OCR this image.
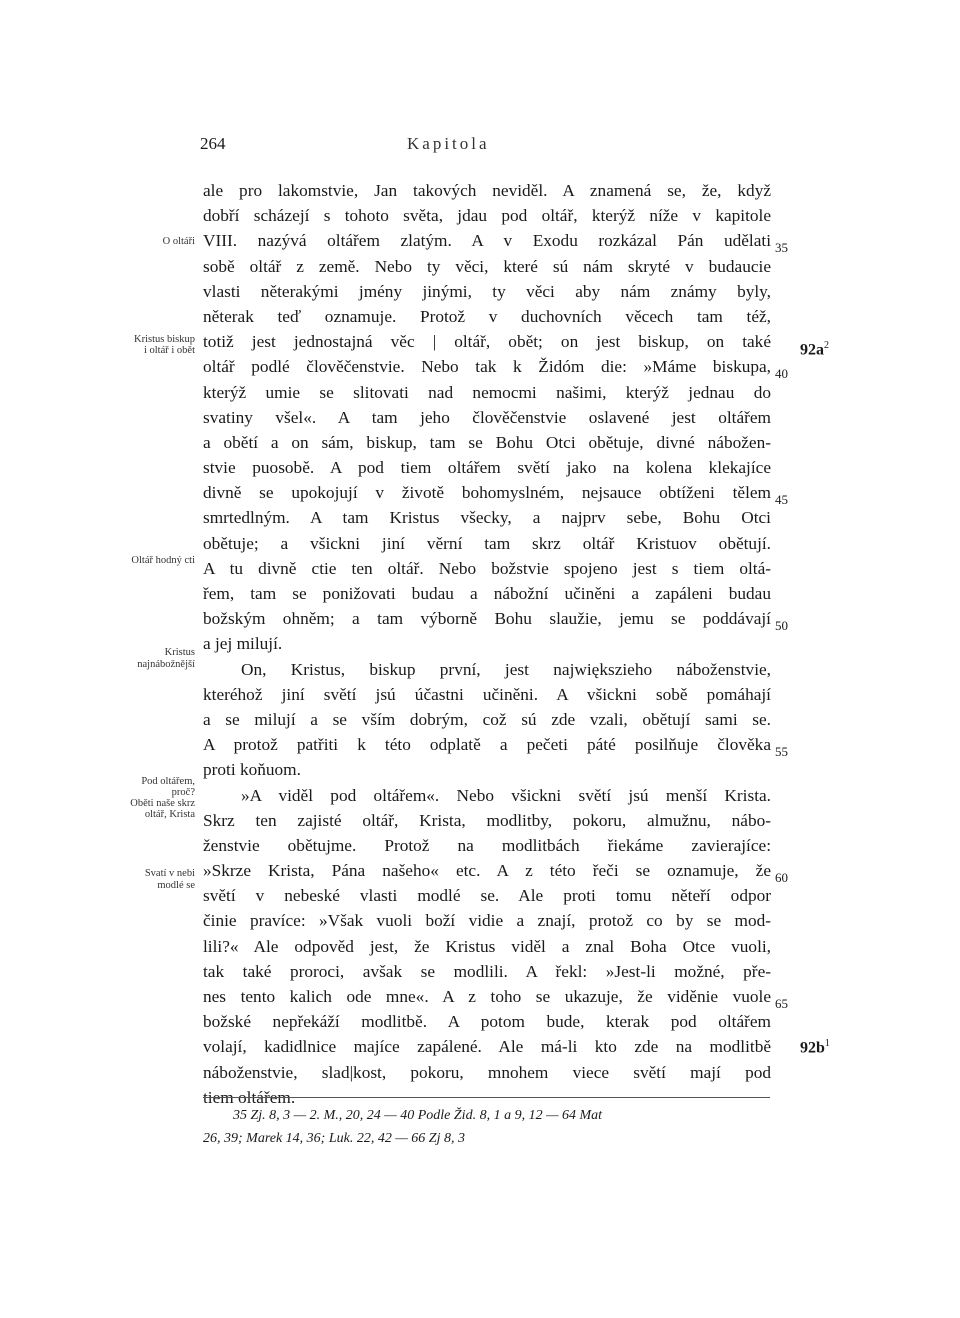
264	Kapitola
O oltáři
Kristus biskup
i oltář i obět
Oltář hodný cti
Kristus
najnábožnější
Pod oltářem,
proč?
Oběti naše skrz
oltář, Krista
Svatí v nebi
modlé se
ale pro lakomstvie, Jan takových neviděl. A znamená se, že, když
dobří scházejí s tohoto světa, jdau pod oltář, kterýž níže v kapitole
VIII. nazývá oltářem zlatým. A v Exodu rozkázal Pán udělati
sobě oltář z země. Nebo ty věci, které sú nám skryté v budaucie
vlasti něterakými jmény jinými, ty věci aby nám známy byly,
něterak teď oznamuje. Protož v duchovních věcech tam též,
totiž jest jednostajná věc | oltář, obět; on jest biskup, on také
oltář podlé člověčenstvie. Nebo tak k Židóm die: »Máme biskupa,
kterýž umie se slitovati nad nemocmi našimi, kterýž jednau do
svatiny všel«. A tam jeho člověčenstvie oslavené jest oltářem
a obětí a on sám, biskup, tam se Bohu Otci obětuje, divné nábožen-
stvie puosobě. A pod tiem oltářem světí jako na kolena klekajíce
divně se upokojují v životě bohomyslném, nejsauce obtíženi tělem
smrtedlným. A tam Kristus všecky, a najprv sebe, Bohu Otci
obětuje; a všickni jiní věrní tam skrz oltář Kristuov obětují.
A tu divně ctie ten oltář. Nebo božstvie spojeno jest s tiem oltá-
řem, tam se ponižovati budau a nábožní učiněni a zapáleni budau
božským ohněm; a tam výborně Bohu slaužie, jemu se poddávají
a jej milují.
On, Kristus, biskup první, jest największieho náboženstvie,
kteréhož jiní světí jsú účastni učiněni. A všickni sobě pomáhají
a se milují a se vším dobrým, což sú zde vzali, obětují sami se.
A protož patřiti k této odplatě a pečeti páté posilňuje člověka
proti koňuom.
»A viděl pod oltářem«. Nebo všickni světí jsú menší Krista.
Skrz ten zajisté oltář, Krista, modlitby, pokoru, almužnu, nábo-
ženstvie obětujme. Protož na modlitbách řiekáme zavierajíce:
»Skrze Krista, Pána našeho« etc. A z této řeči se oznamuje, že
světí v nebeské vlasti modlé se. Ale proti tomu něteří odpor
činie pravíce: »Však vuoli boží vidie a znají, protož co by se mod-
lili?« Ale odpověd jest, že Kristus viděl a znal Boha Otce vuoli,
tak také proroci, avšak se modlili. A řekl: »Jest-li možné, pře-
nes tento kalich ode mne«. A z toho se ukazuje, že viděnie vuole
božské nepřekáží modlitbě. A potom bude, kterak pod oltářem
volají, kadidlnice majíce zapálené. Ale má-li kto zde na modlitbě
náboženstvie, slad|kost, pokoru, mnohem viece světí mají pod
tiem oltářem.
35
40
45
50
55
60
65
$92a^2$
$92b^1$
35 Zj. 8, 3 — 2. M., 20, 24 — 40 Podle Žid. 8, 1 a 9, 12 — 64 Mat
26, 39; Marek 14, 36; Luk. 22, 42 — 66 Zj 8, 3
